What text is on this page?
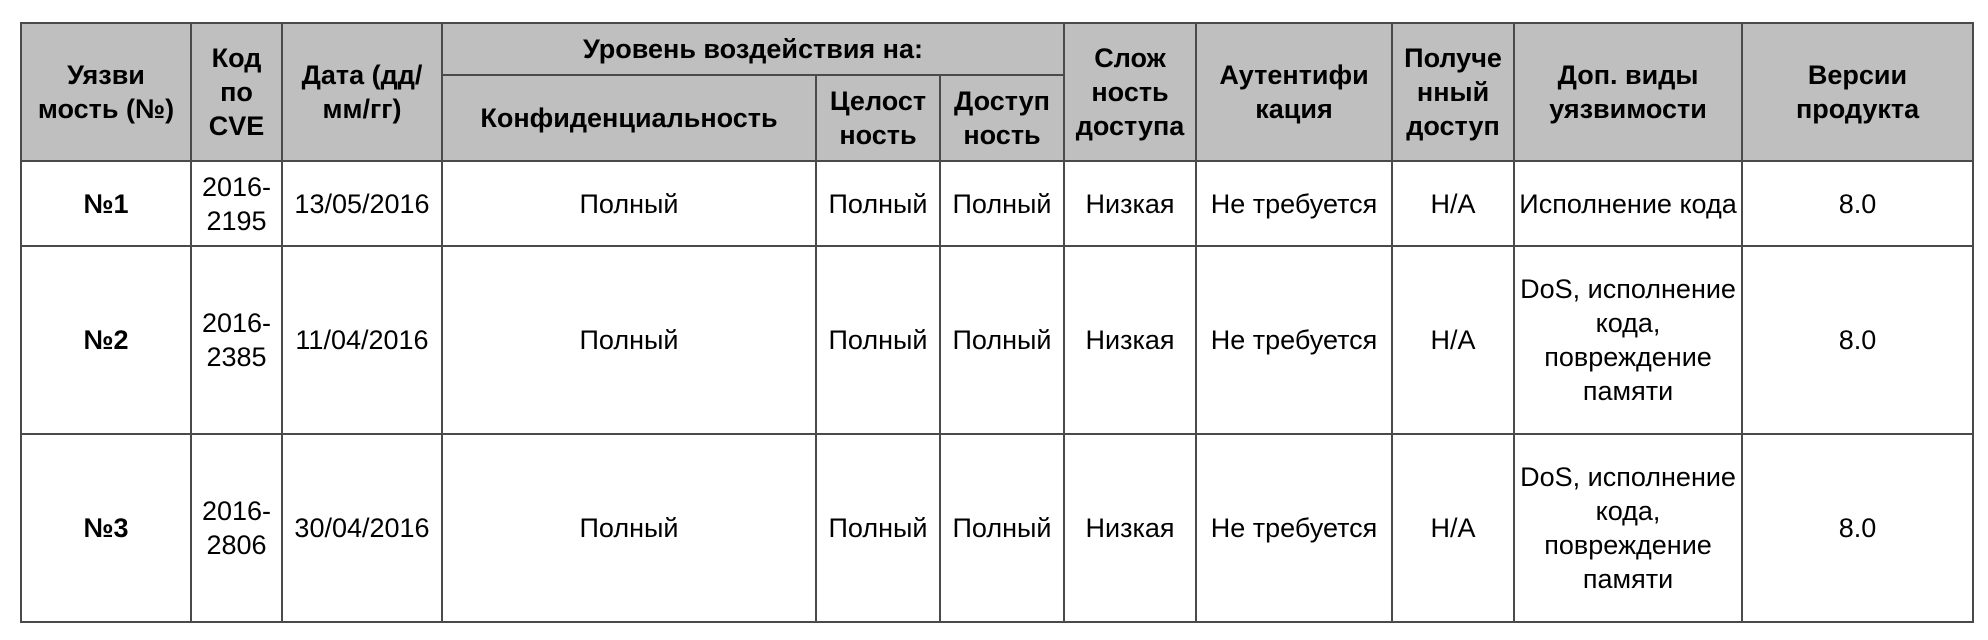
Уязви мость (№)	Код по CVE	Дата (дд/ мм/гг)	Уровень воздействия на:			Слож ность доступа	Аутентифи кация	Получе нный доступ	Доп. виды уязвимости	Версии продукта
			Конфиденциальность	Целост ность	Доступ ность					
№1	2016- 2195	13/05/2016	Полный	Полный	Полный	Низкая	Не требуется	Н/А	Исполнение кода	8.0
№2	2016- 2385	11/04/2016	Полный	Полный	Полный	Низкая	Не требуется	Н/А	DoS, исполнение кода, повреждение памяти	8.0
№3	2016- 2806	30/04/2016	Полный	Полный	Полный	Низкая	Не требуется	Н/А	DoS, исполнение кода, повреждение памяти	8.0
